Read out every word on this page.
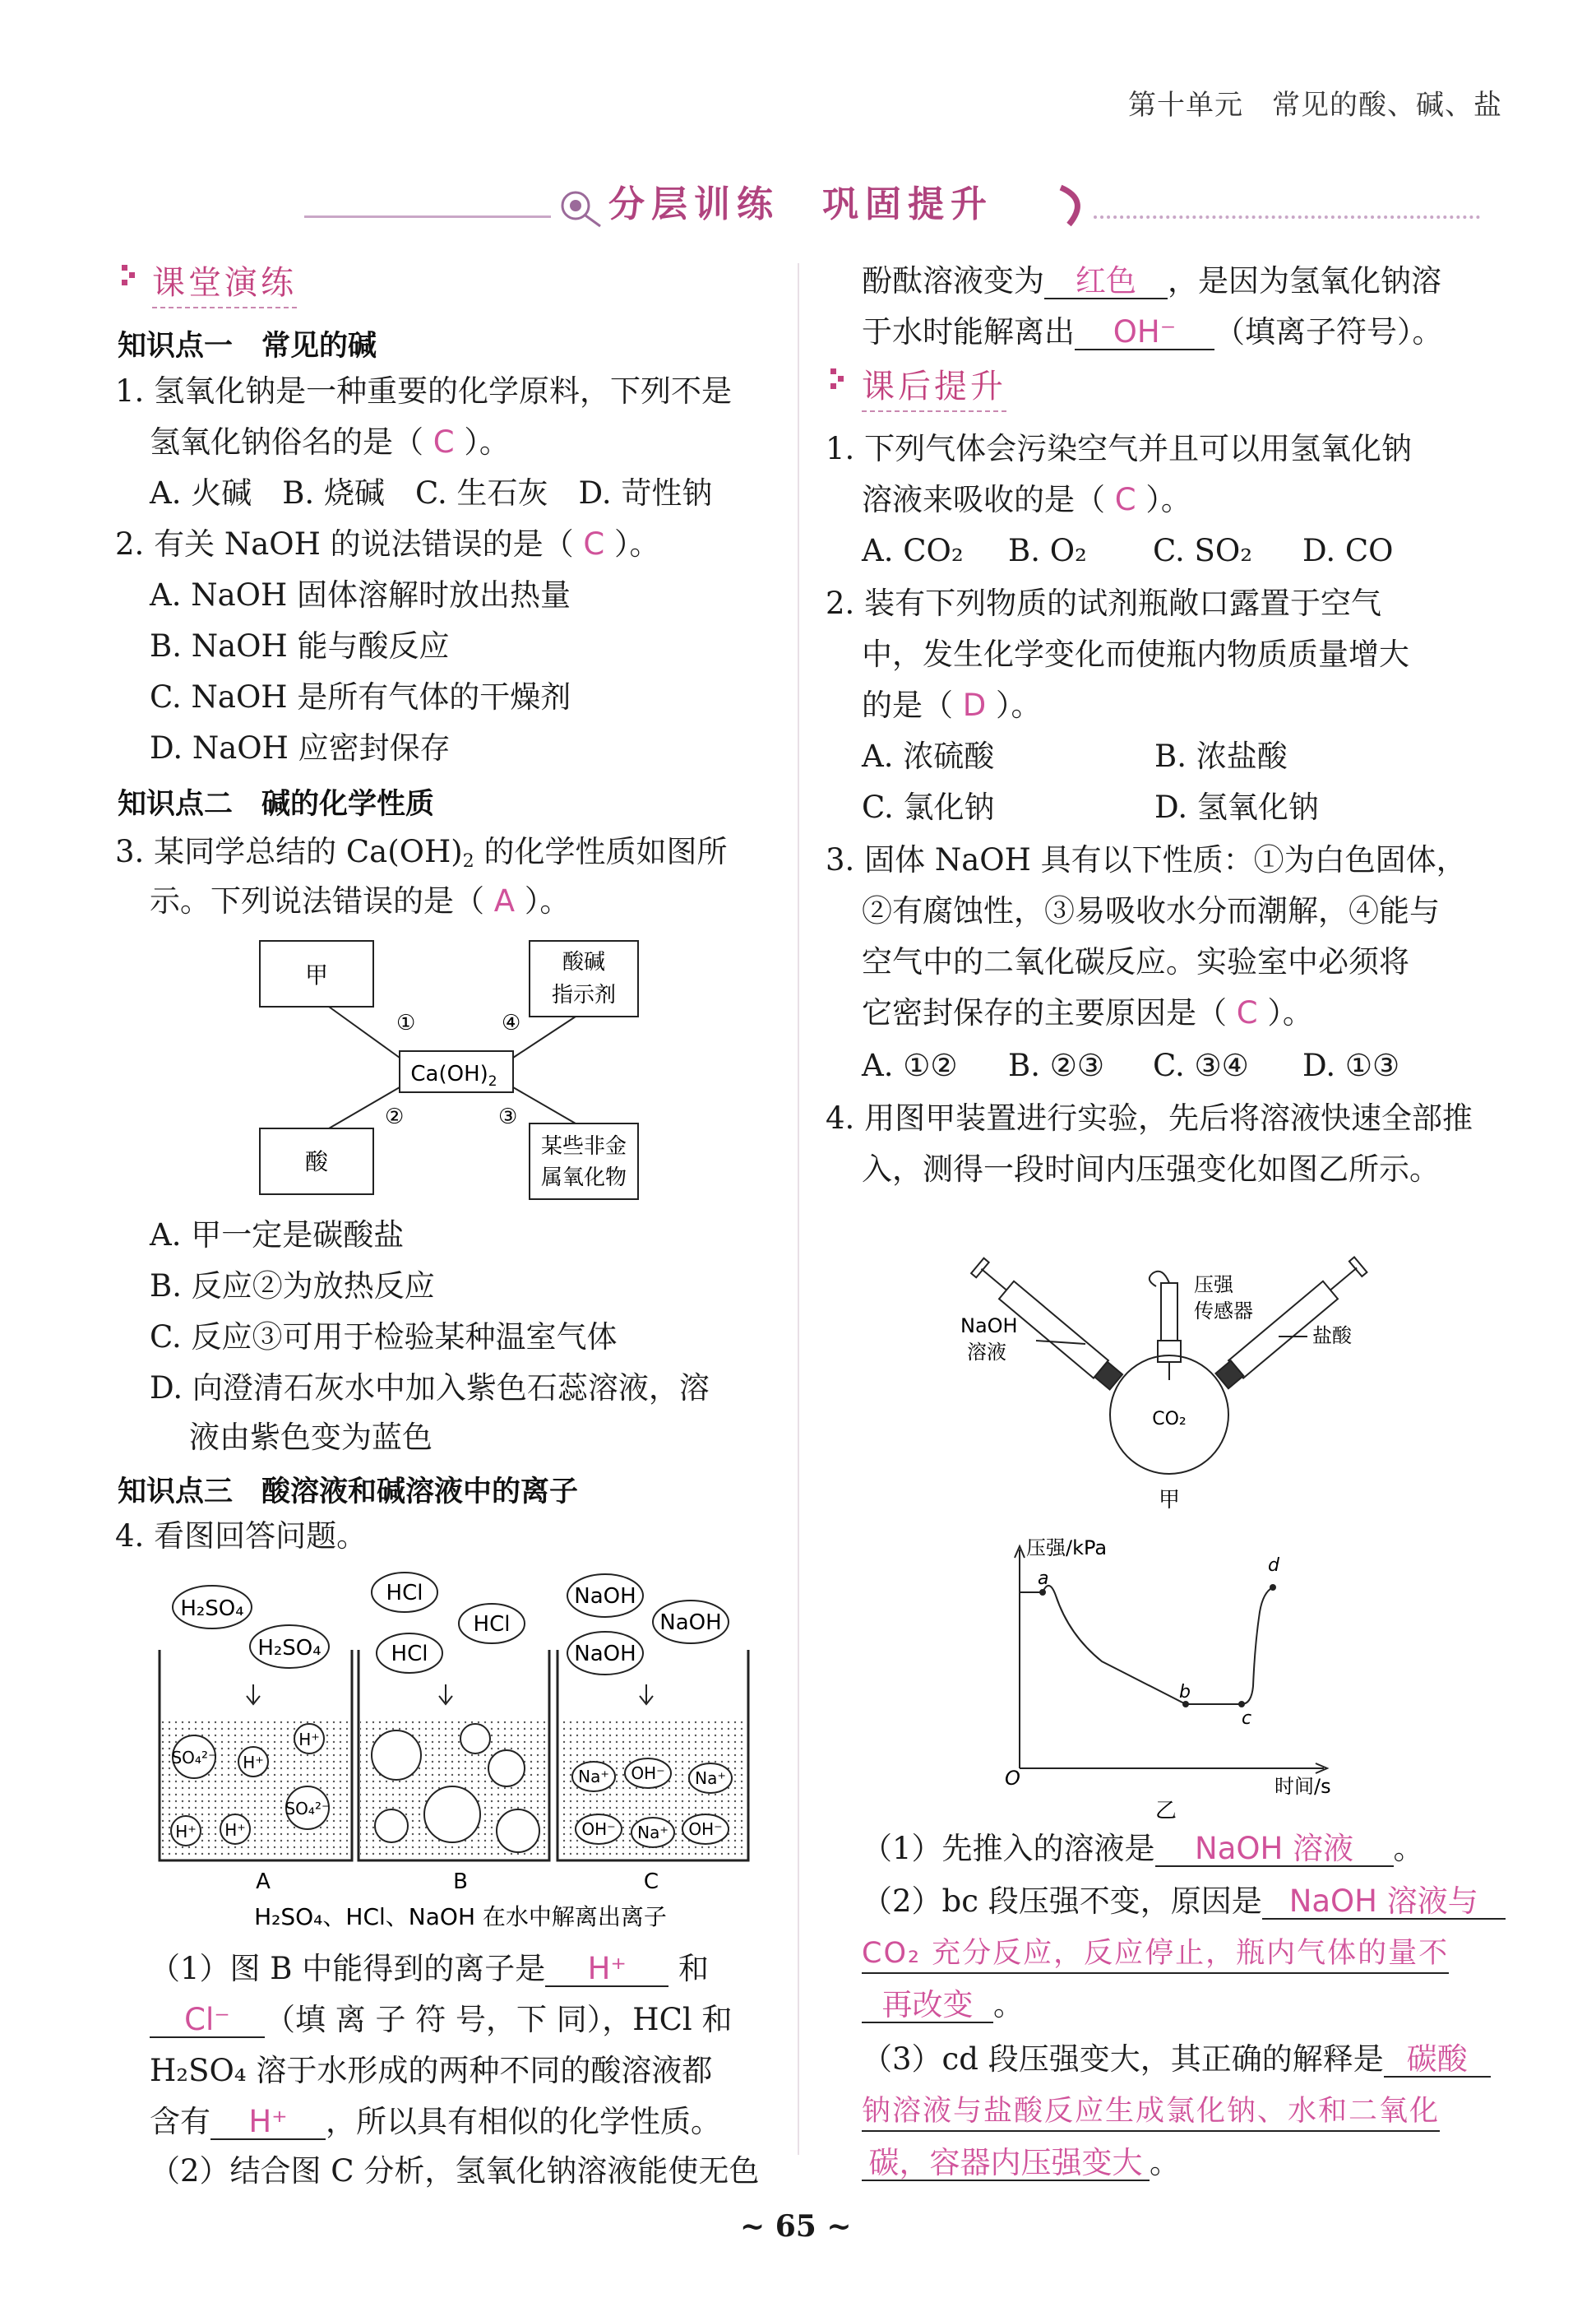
第十单元　常见的酸、碱、盐
分层训练　巩固提升
课堂演练
知识点一　常见的碱
1. 氢氧化钠是一种重要的化学原料，下列不是
氢氧化钠俗名的是（ C ）。
A. 火碱　B. 烧碱　C. 生石灰　D. 苛性钠
2. 有关 NaOH 的说法错误的是（ C ）。
A. NaOH 固体溶解时放出热量
B. NaOH 能与酸反应
C. NaOH 是所有气体的干燥剂
D. NaOH 应密封保存
知识点二　碱的化学性质
3. 某同学总结的 $Ca(OH)_2$ 的化学性质如图所
示。下列说法错误的是（ A ）。
甲	酸碱
指示剂
$Ca(OH)_2$
酸
某些非金
属氧化物
①	④
②	③
A. 甲一定是碳酸盐
B. 反应②为放热反应
C. 反应③可用于检验某种温室气体
D. 向澄清石灰水中加入紫色石蕊溶液，溶
液由紫色变为蓝色
知识点三　酸溶液和碱溶液中的离子
4. 看图回答问题。
H₂SO₄
H₂SO₄
HCl
HCl
HCl
NaOH
NaOH
NaOH
SO₄²⁻ H⁺
H⁺
SO₄²⁻
H⁺ H⁺
Na⁺ OH⁻ Na⁺
OH⁻ Na⁺ OH⁻
A	B	C
H₂SO₄、HCl、NaOH 在水中解离出离子
（1）图 B 中能得到的离子是 H⁺ 和
Cl⁻ （填 离 子 符 号，下 同），HCl 和
H₂SO₄ 溶于水形成的两种不同的酸溶液都
含有 H⁺ ，所以具有相似的化学性质。
（2）结合图 C 分析，氢氧化钠溶液能使无色
酚酞溶液变为 红色 ，是因为氢氧化钠溶
于水时能解离出 OH⁻ （填离子符号）。
课后提升
1. 下列气体会污染空气并且可以用氢氧化钠
溶液来吸收的是（ C ）。
A. CO₂ B. O₂ C. SO₂ D. CO
2. 装有下列物质的试剂瓶敞口露置于空气
中，发生化学变化而使瓶内物质质量增大
的是（ D ）。
A. 浓硫酸	B. 浓盐酸
C. 氯化钠	D. 氢氧化钠
3. 固体 NaOH 具有以下性质：①为白色固体，
②有腐蚀性，③易吸收水分而潮解，④能与
空气中的二氧化碳反应。实验室中必须将
它密封保存的主要原因是（ C ）。
A. ①② B. ②③ C. ③④ D. ①③
4. 用图甲装置进行实验，先后将溶液快速全部推
入，测得一段时间内压强变化如图乙所示。
压强
传感器
NaOH
溶液
盐酸
CO₂
甲
压强/kPa
时间/s
O
a
b
c
d
乙
（1）先推入的溶液是 NaOH 溶液 。
（2）bc 段压强不变，原因是 NaOH 溶液与
CO₂ 充分反应，反应停止，瓶内气体的量不
再改变 。
（3）cd 段压强变大，其正确的解释是 碳酸
钠溶液与盐酸反应生成氯化钠、水和二氧化
碳，容器内压强变大 。
~ 65 ~
